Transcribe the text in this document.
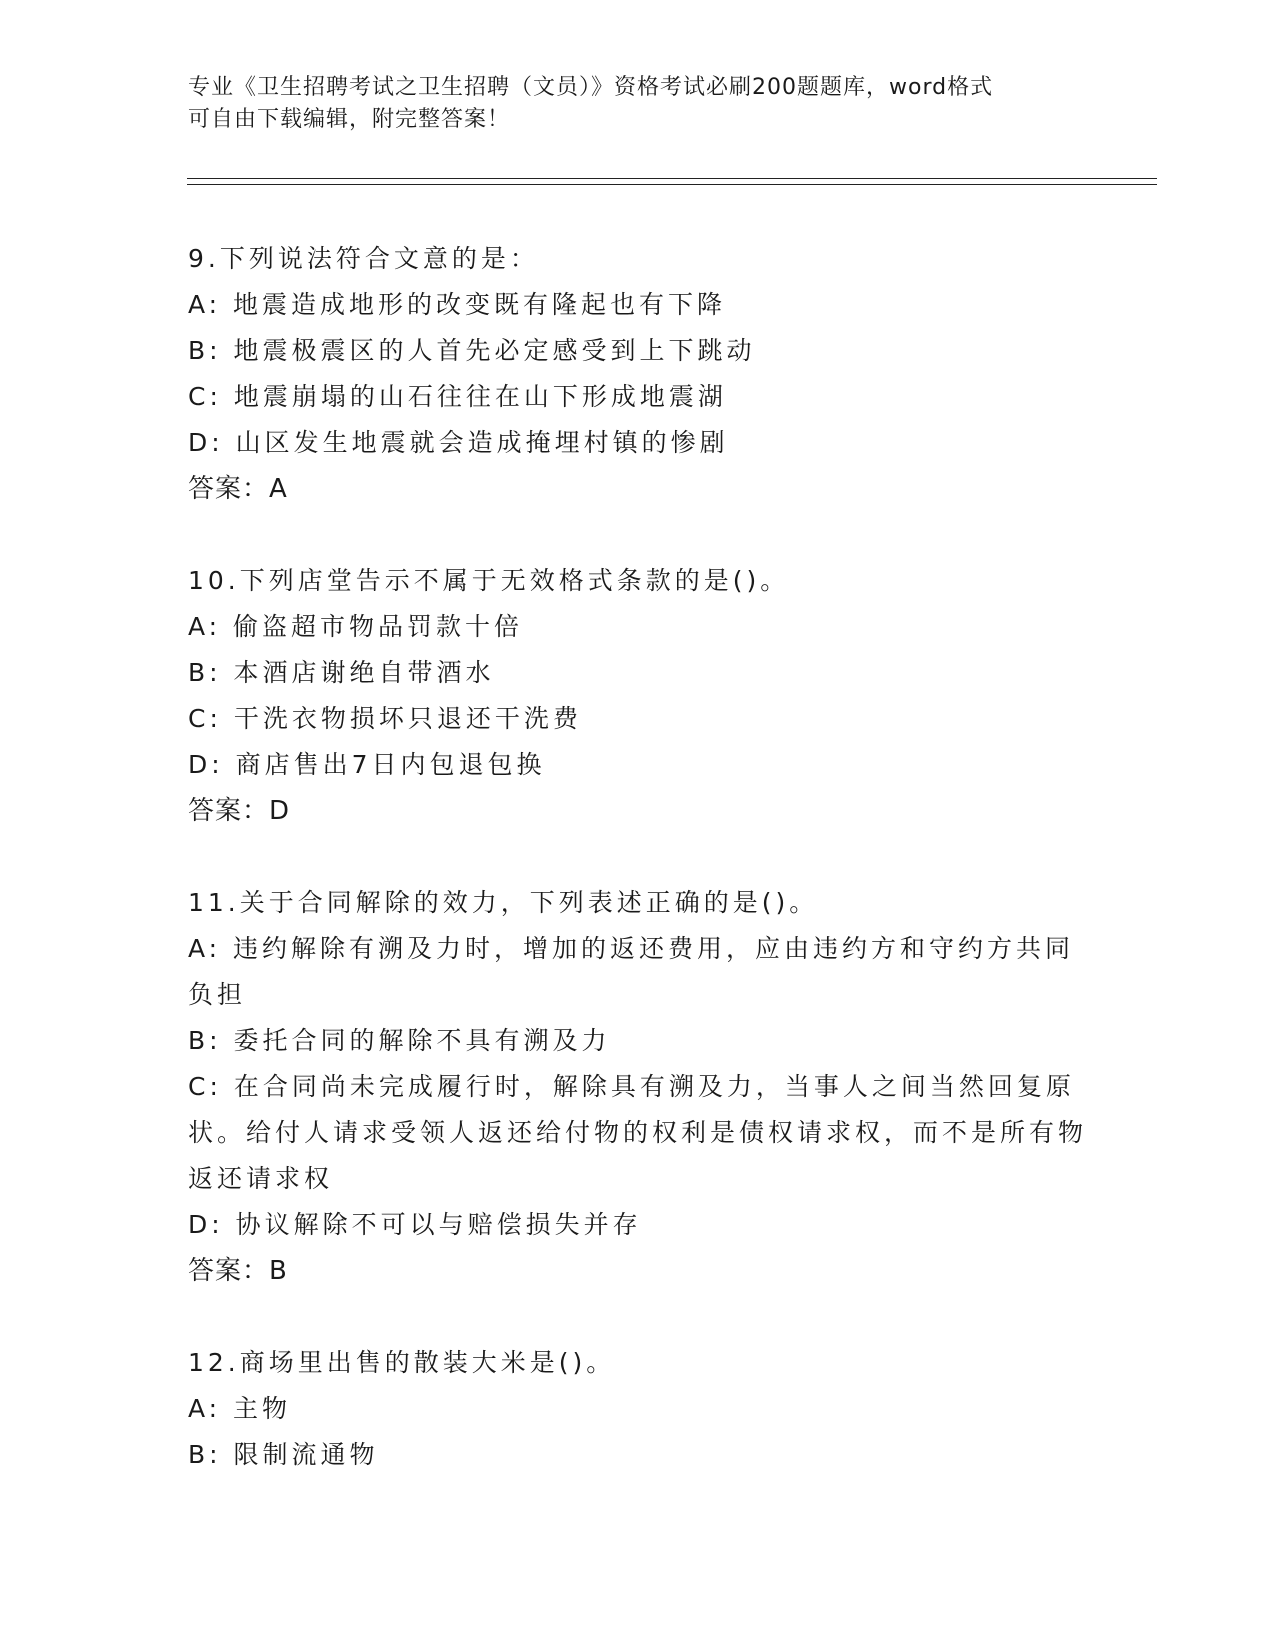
专业《卫生招聘考试之卫生招聘（文员）》资格考试必刷200题题库，word格式
可自由下载编辑，附完整答案！
9.下列说法符合文意的是：
A: 地震造成地形的改变既有隆起也有下降
B: 地震极震区的人首先必定感受到上下跳动
C: 地震崩塌的山石往往在山下形成地震湖
D: 山区发生地震就会造成掩埋村镇的惨剧
答案：A
10.下列店堂告示不属于无效格式条款的是()。
A: 偷盗超市物品罚款十倍
B: 本酒店谢绝自带酒水
C: 干洗衣物损坏只退还干洗费
D: 商店售出7日内包退包换
答案：D
11.关于合同解除的效力，下列表述正确的是()。
A: 违约解除有溯及力时，增加的返还费用，应由违约方和守约方共同负担
B: 委托合同的解除不具有溯及力
C: 在合同尚未完成履行时，解除具有溯及力，当事人之间当然回复原状。给付人请求受领人返还给付物的权利是债权请求权，而不是所有物返还请求权
D: 协议解除不可以与赔偿损失并存
答案：B
12.商场里出售的散装大米是()。
A: 主物
B: 限制流通物
